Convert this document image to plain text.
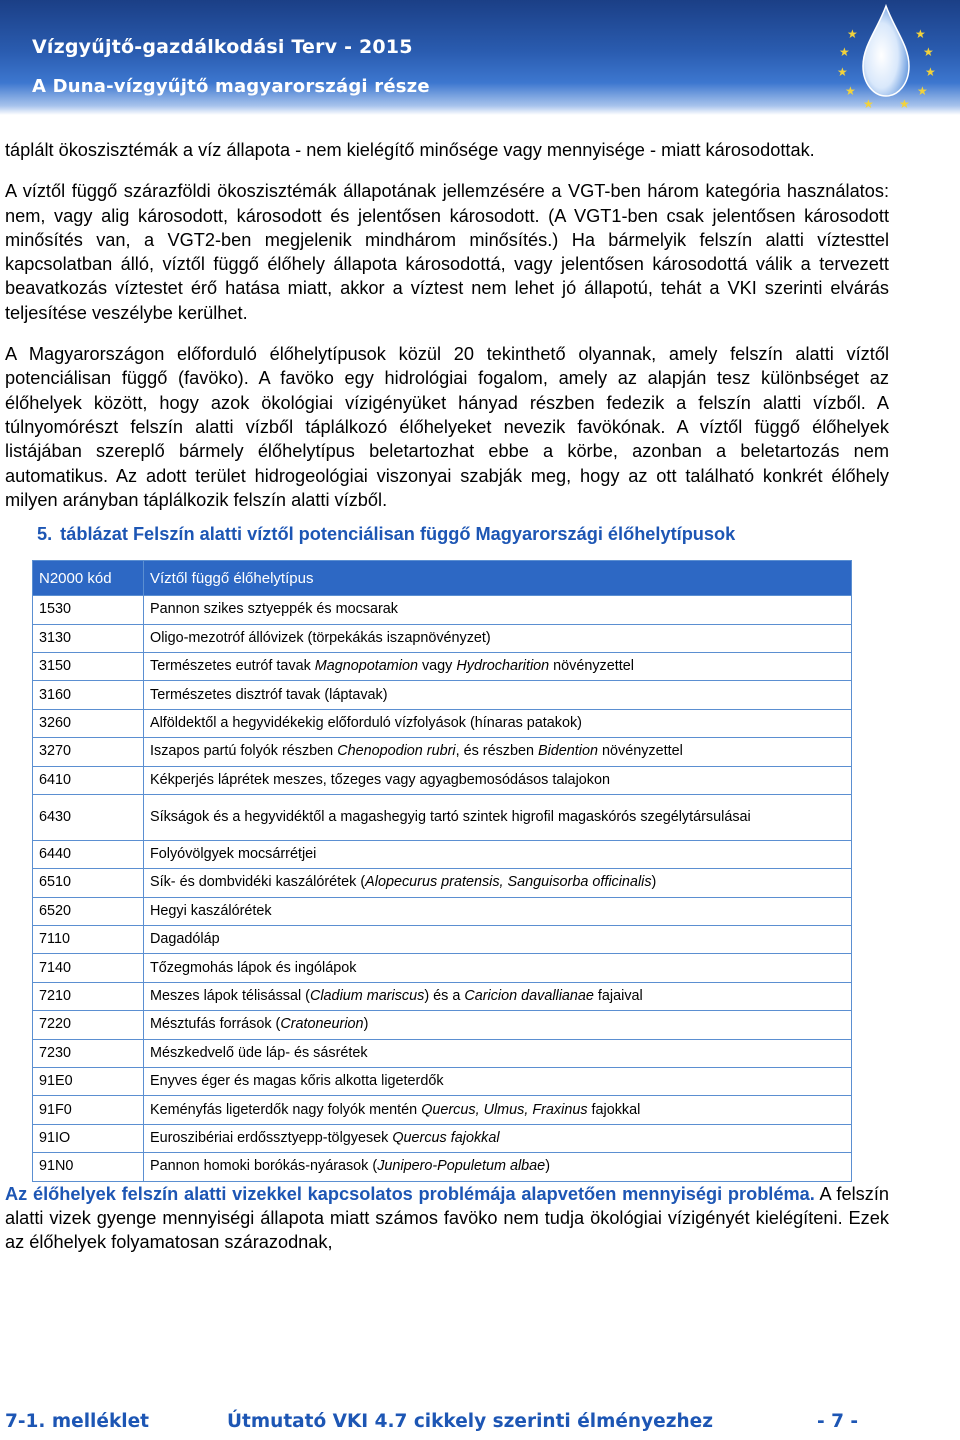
Vízgyűjtő-gazdálkodási Terv - 2015
A Duna-vízgyűjtő magyarországi része
★
★
★
★
★
★
★
★
★ ★

táplált ökoszisztémák a víz állapota - nem kielégítő minősége vagy mennyisége - miatt károsodottak.

A víztől függő szárazföldi ökoszisztémák állapotának jellemzésére a VGT-ben három kategória használatos: nem, vagy alig károsodott, károsodott és jelentősen károsodott. (A VGT1-ben csak jelentősen károsodott minősítés van, a VGT2-ben megjelenik mindhárom minősítés.) Ha bármelyik felszín alatti víztesttel kapcsolatban álló, víztől függő élőhely állapota károsodottá, vagy jelentősen károsodottá válik a tervezett beavatkozás víztestet érő hatása miatt, akkor a víztest nem lehet jó állapotú, tehát a VKI szerinti elvárás teljesítése veszélybe kerülhet.

A Magyarországon előforduló élőhelytípusok közül 20 tekinthető olyannak, amely felszín alatti víztől potenciálisan függő (favöko). A favöko egy hidrológiai fogalom, amely az alapján tesz különbséget az élőhelyek között, hogy azok ökológiai vízigényüket hányad részben fedezik a felszín alatti vízből. A túlnyomórészt felszín alatti vízből táplálkozó élőhelyeket nevezik favökónak. A víztől függő élőhelyek listájában szereplő bármely élőhelytípus beletartozhat ebbe a körbe, azonban a beletartozás nem automatikus. Az adott terület hidrogeológiai viszonyai szabják meg, hogy az ott található konkrét élőhely milyen arányban táplálkozik felszín alatti vízből.

5. táblázat Felszín alatti víztől potenciálisan függő Magyarországi élőhelytípusok
N2000 kód	Víztől függő élőhelytípus
1530	Pannon szikes sztyeppék és mocsarak
3130	Oligo-mezotróf állóvizek (törpekákás iszapnövényzet)
3150	Természetes eutróf tavak Magnopotamion vagy Hydrocharition növényzettel
3160	Természetes disztróf tavak (láptavak)
3260	Alföldektől a hegyvidékekig előforduló vízfolyások (hínaras patakok)
3270	Iszapos partú folyók részben Chenopodion rubri, és részben Bidention növényzettel
6410	Kékperjés láprétek meszes, tőzeges vagy agyagbemosódásos talajokon
6430	Síkságok és a hegyvidéktől a magashegyig tartó szintek higrofil magaskórós szegélytársulásai
6440	Folyóvölgyek mocsárrétjei
6510	Sík- és dombvidéki kaszálórétek (Alopecurus pratensis, Sanguisorba officinalis)
6520	Hegyi kaszálórétek
7110	Dagadóláp
7140	Tőzegmohás lápok és ingólápok
7210	Meszes lápok télisással (Cladium mariscus) és a Caricion davallianae fajaival
7220	Mésztufás források (Cratoneurion)
7230	Mészkedvelő üde láp- és sásrétek
91E0	Enyves éger és magas kőris alkotta ligeterdők
91F0	Keményfás ligeterdők nagy folyók mentén Quercus, Ulmus, Fraxinus fajokkal
91IO	Euroszibériai erdőssztyepp-tölgyesek Quercus fajokkal
91N0	Pannon homoki borókás-nyárasok (Junipero-Populetum albae)

Az élőhelyek felszín alatti vizekkel kapcsolatos problémája alapvetően mennyiségi probléma. A felszín alatti vizek gyenge mennyiségi állapota miatt számos favöko nem tudja ökológiai vízigényét kielégíteni. Ezek az élőhelyek folyamatosan szárazodnak,

7-1. melléklet	Útmutató VKI 4.7 cikkely szerinti élményezhez	- 7 -
